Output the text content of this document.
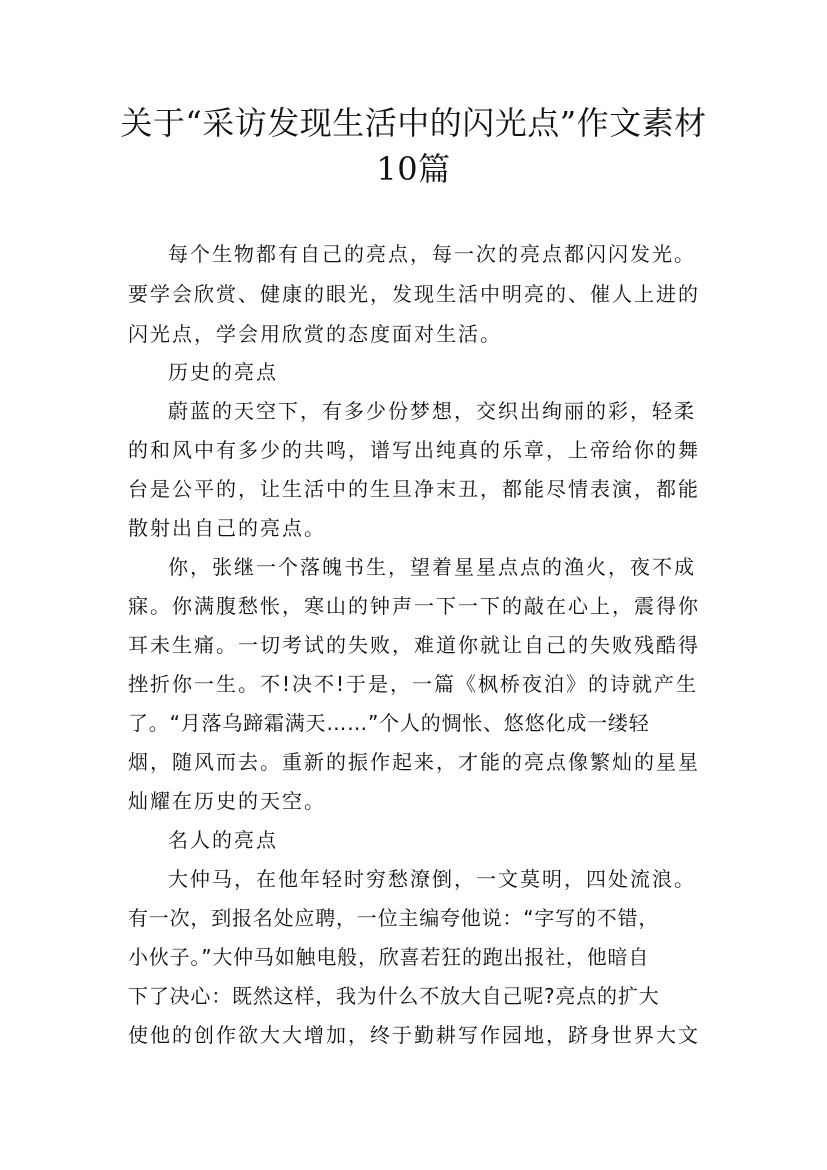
关于“采访发现生活中的闪光点”作文素材
10篇
每个生物都有自己的亮点，每一次的亮点都闪闪发光。
要学会欣赏、健康的眼光，发现生活中明亮的、催人上进的
闪光点，学会用欣赏的态度面对生活。
历史的亮点
蔚蓝的天空下，有多少份梦想，交织出绚丽的彩，轻柔
的和风中有多少的共鸣，谱写出纯真的乐章，上帝给你的舞
台是公平的，让生活中的生旦净末丑，都能尽情表演，都能
散射出自己的亮点。
你，张继一个落魄书生，望着星星点点的渔火，夜不成
寐。你满腹愁怅，寒山的钟声一下一下的敲在心上，震得你
耳未生痛。一切考试的失败，难道你就让自己的失败残酷得
挫折你一生。不!决不!于是，一篇《枫桥夜泊》的诗就产生
了。“月落乌蹄霜满天……”个人的惆怅、悠悠化成一缕轻
烟，随风而去。重新的振作起来，才能的亮点像繁灿的星星
灿耀在历史的天空。
名人的亮点
大仲马，在他年轻时穷愁潦倒，一文莫明，四处流浪。
有一次，到报名处应聘，一位主编夸他说：“字写的不错，
小伙子。”大仲马如触电般，欣喜若狂的跑出报社，他暗自
下了决心：既然这样，我为什么不放大自己呢?亮点的扩大
使他的创作欲大大增加，终于勤耕写作园地，跻身世界大文
